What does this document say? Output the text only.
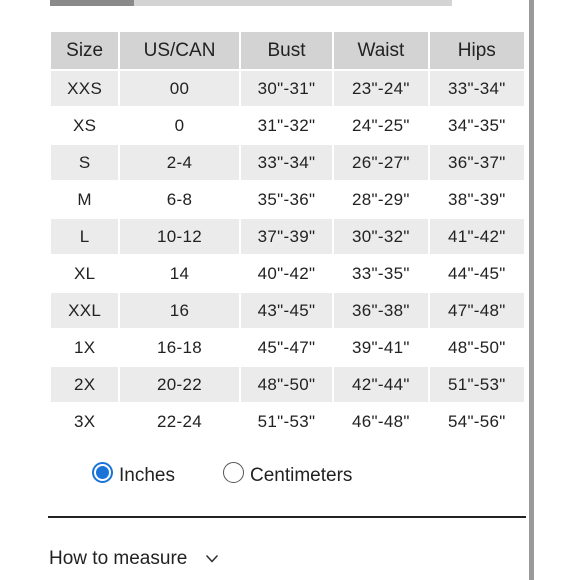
Size	US/CAN	Bust	Waist	Hips
XXS	00	30"-31"	23"-24"	33"-34"
XS	0	31"-32"	24"-25"	34"-35"
S	2-4	33"-34"	26"-27"	36"-37"
M	6-8	35"-36"	28"-29"	38"-39"
L	10-12	37"-39"	30"-32"	41"-42"
XL	14	40"-42"	33"-35"	44"-45"
XXL	16	43"-45"	36"-38"	47"-48"
1X	16-18	45"-47"	39"-41"	48"-50"
2X	20-22	48"-50"	42"-44"	51"-53"
3X	22-24	51"-53"	46"-48"	54"-56"
Inches	Centimeters
How to measure
